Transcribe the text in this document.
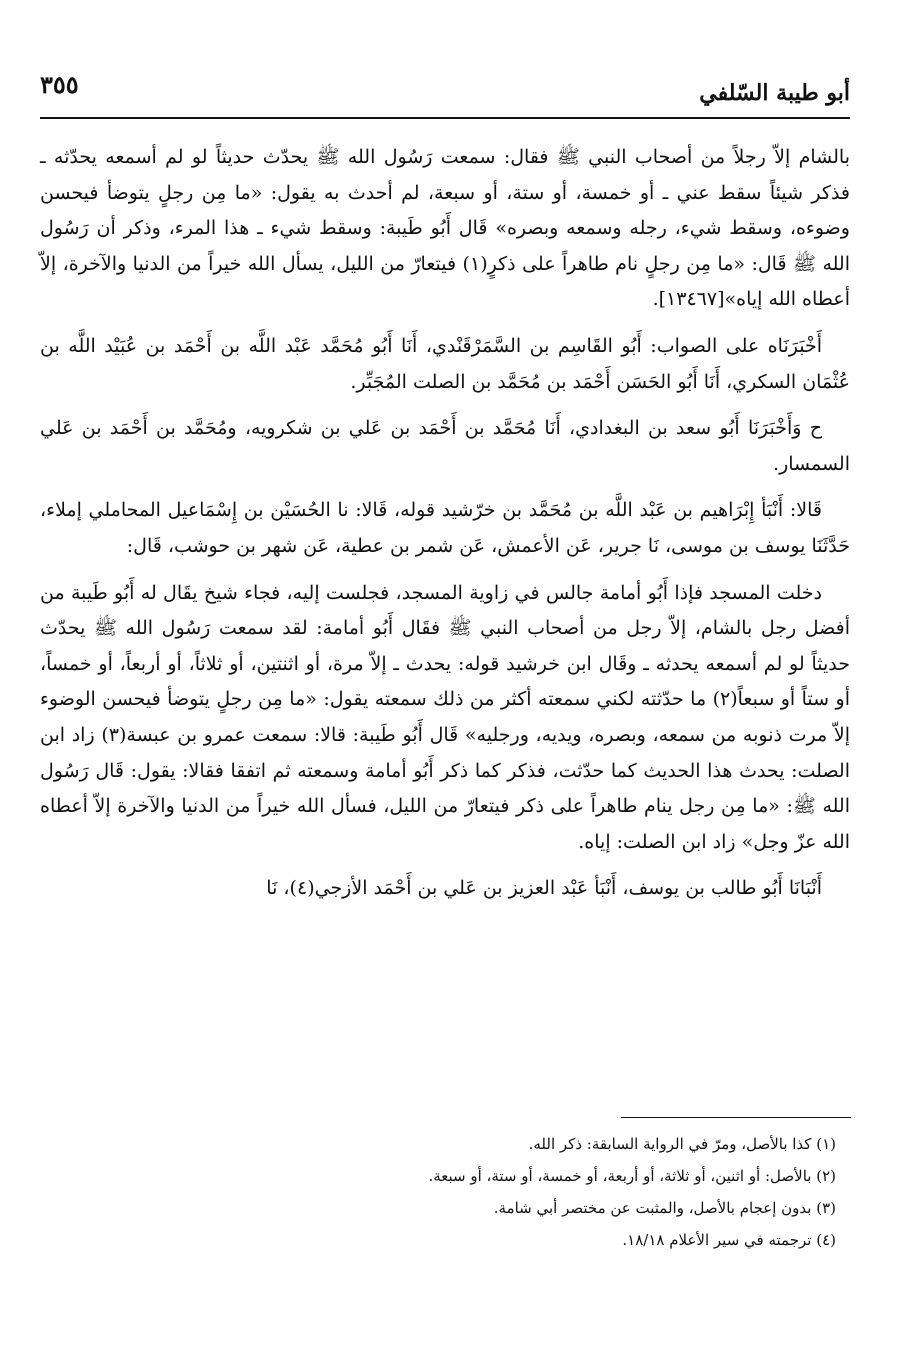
٣٥٥	أبو طيبة السّلفي

بالشام إلاّ رجلاً من أصحاب النبي ﷺ فقال: سمعت رَسُول الله ﷺ يحدّث حديثاً لو لم أسمعه يحدّثه ـ فذكر شيئاً سقط عني ـ أو خمسة، أو ستة، أو سبعة، لم أحدث به يقول: «ما مِن رجلٍ يتوضأ فيحسن وضوءه، وسقط شيء، رجله وسمعه وبصره» قَال أَبُو طَيبة: وسقط شيء ـ هذا المرء، وذكر أن رَسُول الله ﷺ قَال: «ما مِن رجلٍ نام طاهراً على ذكرٍ(١) فيتعارّ من الليل، يسأل الله خيراً من الدنيا والآخرة، إلاّ أعطاه الله إياه»[١٣٤٦٧].

أَخْبَرَنَاه على الصواب: أَبُو القَاسِم بن السَّمَرْقَنْدي، أَنَا أَبُو مُحَمَّد عَبْد اللَّه بن أَحْمَد بن عُبَيْد اللَّه بن عُثْمَان السكري، أَنَا أَبُو الحَسَن أَحْمَد بن مُحَمَّد بن الصلت المُجَبِّر.

ح وَأَخْبَرَنَا أَبُو سعد بن البغدادي، أَنَا مُحَمَّد بن أَحْمَد بن عَلي بن شكرويه، ومُحَمَّد بن أَحْمَد بن عَلي السمسار.

قَالا: أَنْبَأ إِبْرَاهيم بن عَبْد اللَّه بن مُحَمَّد بن خرّشيد قوله، قَالا: نا الحُسَيْن بن إِسْمَاعيل المحاملي إملاء، حَدَّثَنَا يوسف بن موسى، نَا جرير، عَن الأعمش، عَن شمر بن عطية، عَن شهر بن حوشب، قَال:

دخلت المسجد فإذا أَبُو أمامة جالس في زاوية المسجد، فجلست إليه، فجاء شيخ يقَال له أَبُو طَيبة من أفضل رجل بالشام، إلاّ رجل من أصحاب النبي ﷺ فقَال أَبُو أمامة: لقد سمعت رَسُول الله ﷺ يحدّث حديثاً لو لم أسمعه يحدثه ـ وقَال ابن خرشيد قوله: يحدث ـ إلاّ مرة، أو اثنتين، أو ثلاثاً، أو أربعاً، أو خمساً، أو ستاً أو سبعاً(٢) ما حدّثته لكني سمعته أكثر من ذلك سمعته يقول: «ما مِن رجلٍ يتوضأ فيحسن الوضوء إلاّ مرت ذنوبه من سمعه، وبصره، ويديه، ورجليه» قَال أَبُو طَيبة: قالا: سمعت عمرو بن عبسة(٣) زاد ابن الصلت: يحدث هذا الحديث كما حدّثت، فذكر كما ذكر أَبُو أمامة وسمعته ثم اتفقا فقالا: يقول: قَال رَسُول الله ﷺ: «ما مِن رجل ينام طاهراً على ذكر فيتعارّ من الليل، فسأل الله خيراً من الدنيا والآخرة إلاّ أعطاه الله عزّ وجل» زاد ابن الصلت: إياه.

أَنْبَانَا أَبُو طالب بن يوسف، أَنْبَأ عَبْد العزيز بن عَلي بن أَحْمَد الأزجي(٤)، نَا

(١) كذا بالأصل، ومرّ في الرواية السابقة: ذكر الله.

(٢) بالأصل: أو اثنين، أو ثلاثة، أو أربعة، أو خمسة، أو ستة، أو سبعة.

(٣) بدون إعجام بالأصل، والمثبت عن مختصر أبي شامة.

(٤) ترجمته في سير الأعلام ١٨/١٨.
